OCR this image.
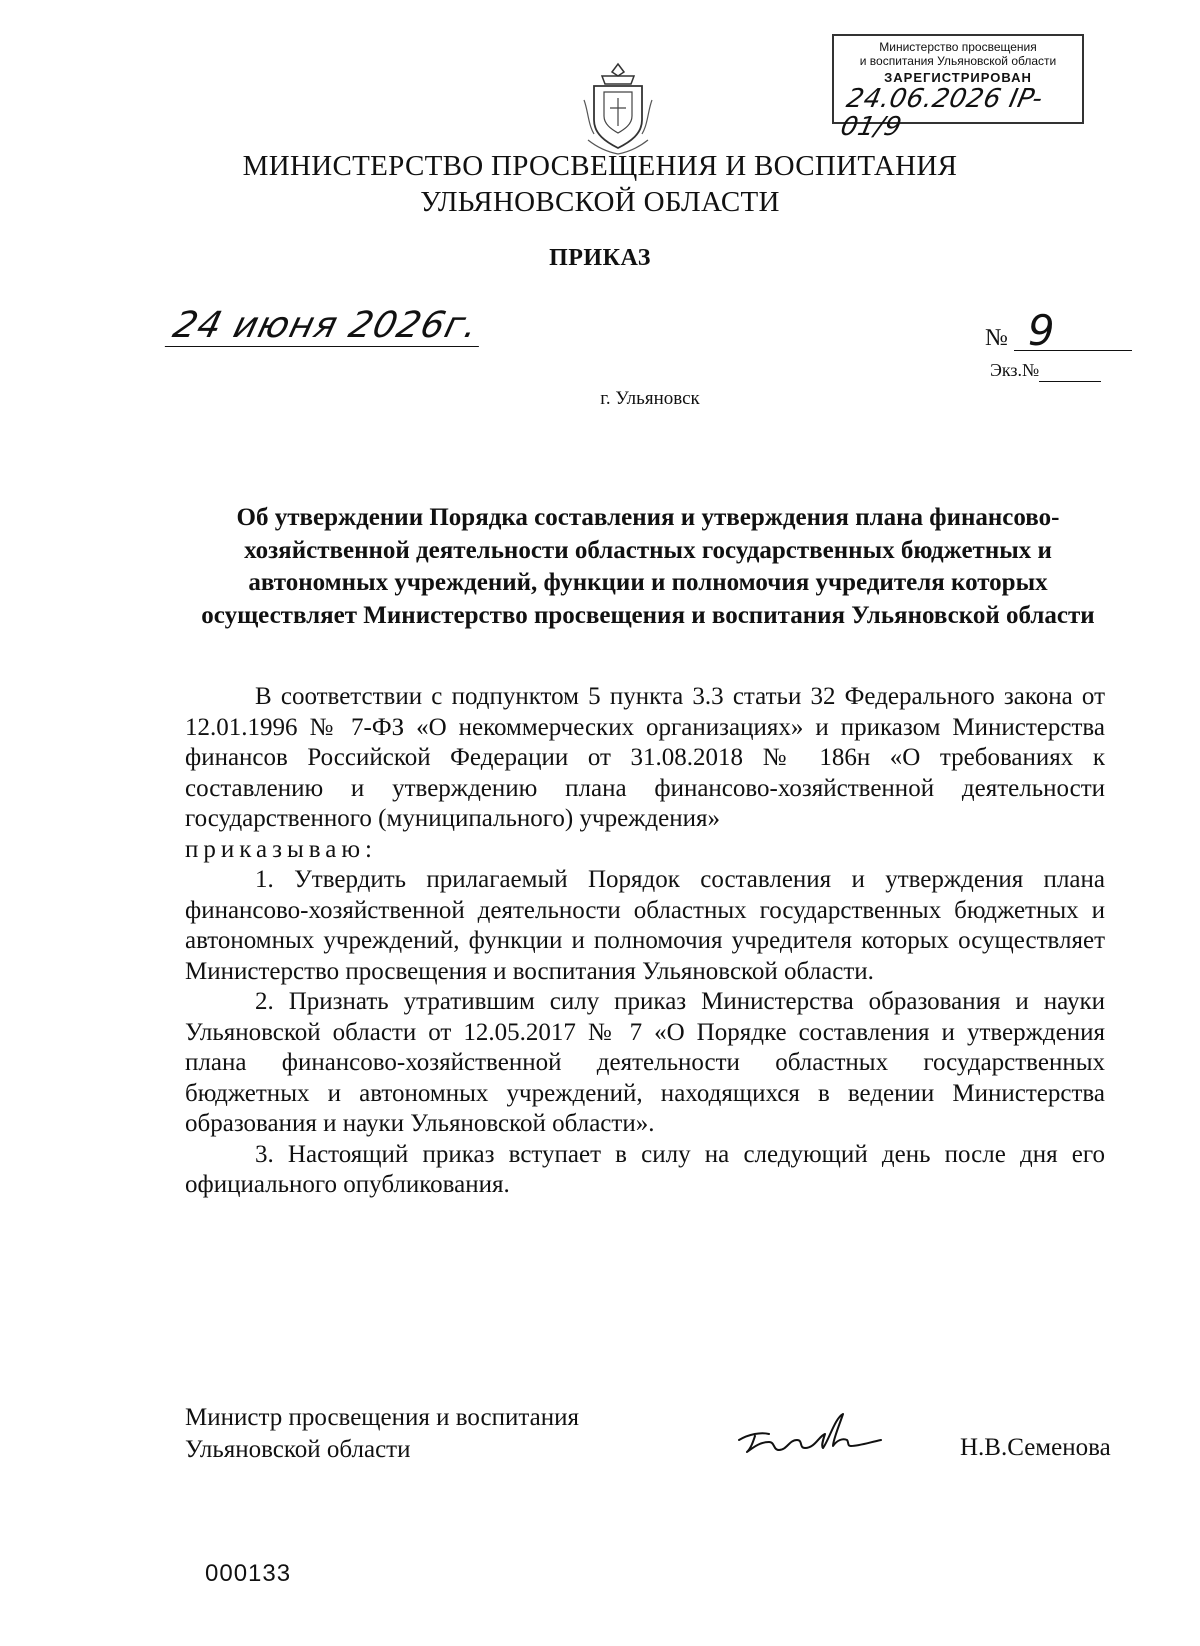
Министерство просвещения
и воспитания Ульяновской области
ЗАРЕГИСТРИРОВАН
24.06.2026 IP-01/9
МИНИСТЕРСТВО ПРОСВЕЩЕНИЯ И ВОСПИТАНИЯ
УЛЬЯНОВСКОЙ ОБЛАСТИ
ПРИКАЗ
24 июня 2026г.	№ 9
Экз.№
г. Ульяновск
Об утверждении Порядка составления и утверждения плана финансово-хозяйственной деятельности областных государственных бюджетных и автономных учреждений, функции и полномочия учредителя которых осуществляет Министерство просвещения и воспитания Ульяновской области

В соответствии с подпунктом 5 пункта 3.3 статьи 32 Федерального закона от 12.01.1996 № 7-ФЗ «О некоммерческих организациях» и приказом Министерства финансов Российской Федерации от 31.08.2018 № 186н «О требованиях к составлению и утверждению плана финансово-хозяйственной деятельности государственного (муниципального) учреждения»

приказываю:

1. Утвердить прилагаемый Порядок составления и утверждения плана финансово-хозяйственной деятельности областных государственных бюджетных и автономных учреждений, функции и полномочия учредителя которых осуществляет Министерство просвещения и воспитания Ульяновской области.

2. Признать утратившим силу приказ Министерства образования и науки Ульяновской области от 12.05.2017 № 7 «О Порядке составления и утверждения плана финансово-хозяйственной деятельности областных государственных бюджетных и автономных учреждений, находящихся в ведении Министерства образования и науки Ульяновской области».

3. Настоящий приказ вступает в силу на следующий день после дня его официального опубликования.

Министр просвещения и воспитания
Ульяновской области	Н.В.Семенова
000133
